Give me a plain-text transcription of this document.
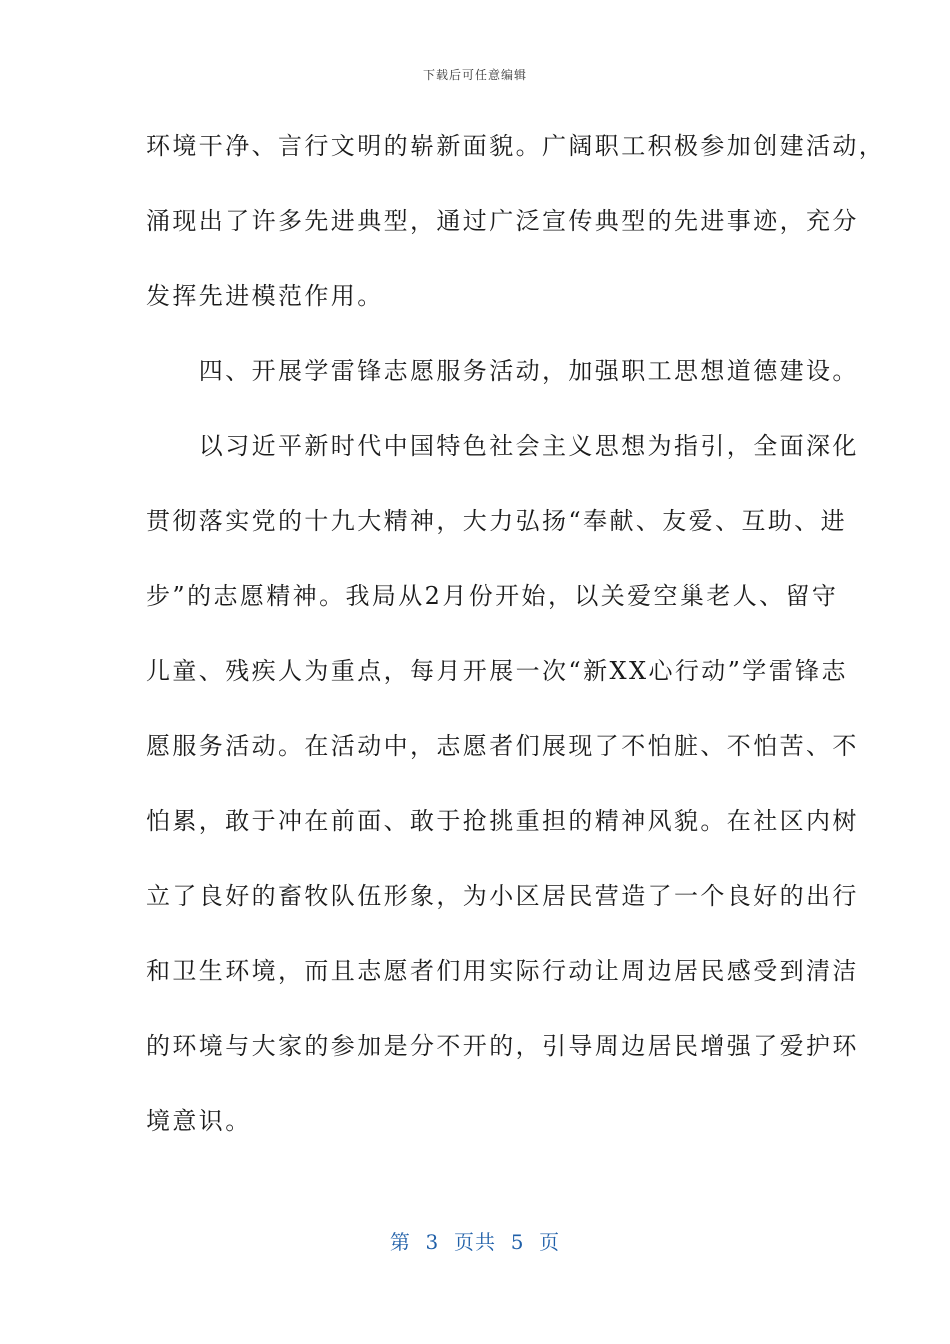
下载后可任意编辑
环境干净、言行文明的崭新面貌。广阔职工积极参加创建活动，
涌现出了许多先进典型，通过广泛宣传典型的先进事迹，充分
发挥先进模范作用。
　　四、开展学雷锋志愿服务活动，加强职工思想道德建设。
　　以习近平新时代中国特色社会主义思想为指引，全面深化
贯彻落实党的十九大精神，大力弘扬“奉献、友爱、互助、进
步”的志愿精神。我局从2月份开始，以关爱空巢老人、留守
儿童、残疾人为重点，每月开展一次“新XX心行动”学雷锋志
愿服务活动。在活动中，志愿者们展现了不怕脏、不怕苦、不
怕累，敢于冲在前面、敢于抢挑重担的精神风貌。在社区内树
立了良好的畜牧队伍形象，为小区居民营造了一个良好的出行
和卫生环境，而且志愿者们用实际行动让周边居民感受到清洁
的环境与大家的参加是分不开的，引导周边居民增强了爱护环
境意识。
第  3  页共  5  页
